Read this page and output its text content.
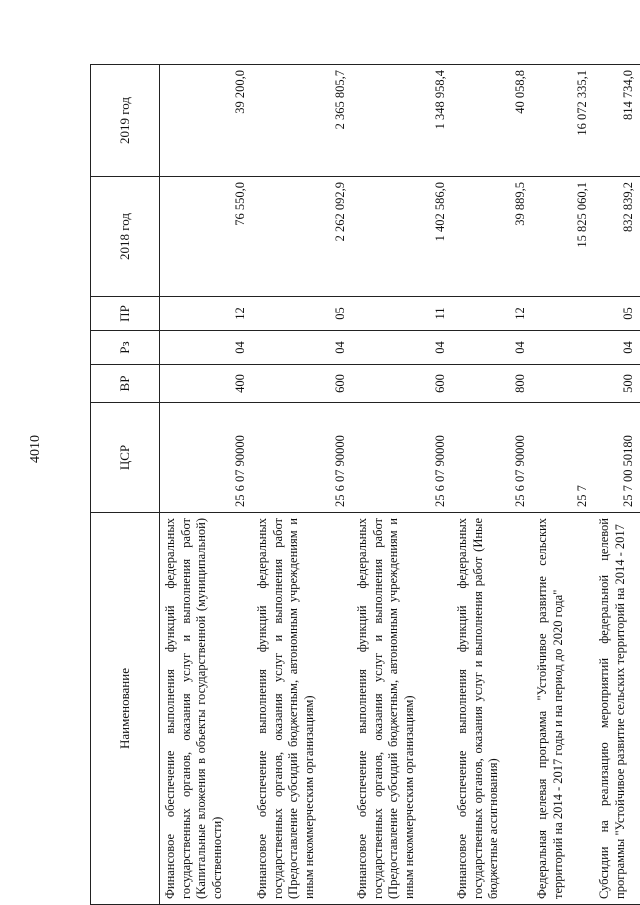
4010
Наименование	ЦСР	ВР	Рз	ПР	2018 год	2019 год
Финансовое обеспечение выполнения функций федеральных государственных органов, оказания услуг и выполнения работ (Капитальные вложения в объекты государственной (муниципальной) собственности)	25 6 07 90000	400	04	12	76 550,0	39 200,0
Финансовое обеспечение выполнения функций федеральных государственных органов, оказания услуг и выполнения работ (Предоставление субсидий бюджетным, автономным учреждениям и иным некоммерческим организациям)	25 6 07 90000	600	04	05	2 262 092,9	2 365 805,7
Финансовое обеспечение выполнения функций федеральных государственных органов, оказания услуг и выполнения работ (Предоставление субсидий бюджетным, автономным учреждениям и иным некоммерческим организациям)	25 6 07 90000	600	04	11	1 402 586,0	1 348 958,4
Финансовое обеспечение выполнения функций федеральных государственных органов, оказания услуг и выполнения работ (Иные бюджетные ассигнования)	25 6 07 90000	800	04	12	39 889,5	40 058,8
Федеральная целевая программа "Устойчивое развитие сельских территорий на 2014 - 2017 годы и на период до 2020 года"	25 7				15 825 060,1	16 072 335,1
Субсидии на реализацию мероприятий федеральной целевой программы "Устойчивое развитие сельских территорий на 2014 - 2017	25 7 00 50180	500	04	05	832 839,2	814 734,0
